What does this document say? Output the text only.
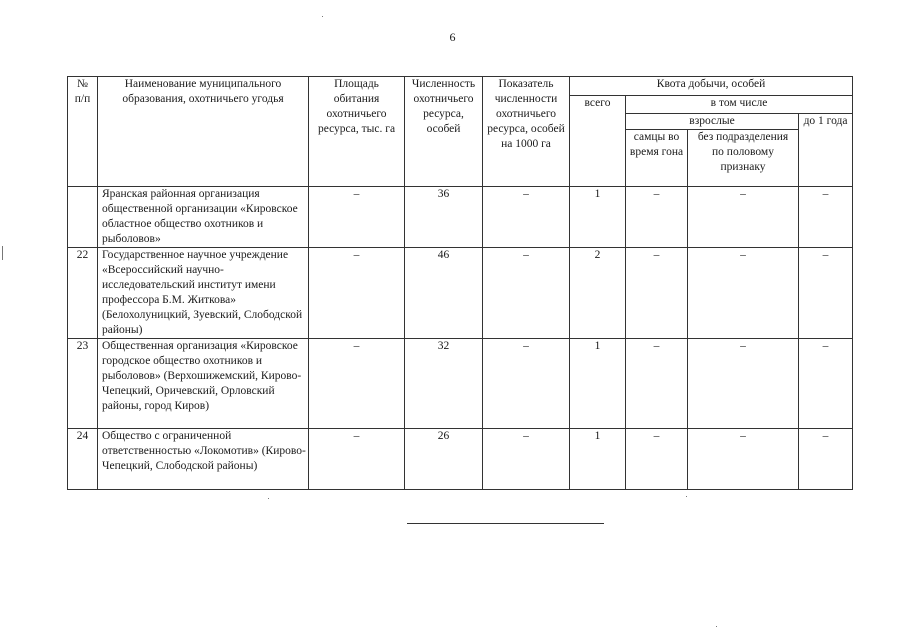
6
№ п/п	Наименование муниципального образования, охотничьего угодья	Площадь обитания охотничьего ресурса, тыс. га	Численность охотничьего ресурса, особей	Показатель численности охотничьего ресурса, особей на 1000 га	Квота добычи, особей			
					всего	в том числе		
						взрослые		до 1 года
						самцы во время гона	без подразделения по половому признаку	
	Яранская районная организация общественной организации «Кировское областное общество охотников и рыболовов»	–	36	–	1	–	–	–
22	Государственное научное учреждение «Всероссийский научно-исследовательский институт имени профессора Б.М. Житкова» (Белохолуницкий, Зуевский, Слободской районы)	–	46	–	2	–	–	–
23	Общественная организация «Кировское городское общество охотников и рыболовов» (Верхошижемский, Кирово-Чепецкий, Оричевский, Орловский районы, город Киров)	–	32	–	1	–	–	–
24	Общество с ограниченной ответственностью «Локомотив» (Кирово-Чепецкий, Слободской районы)	–	26	–	1	–	–	–
